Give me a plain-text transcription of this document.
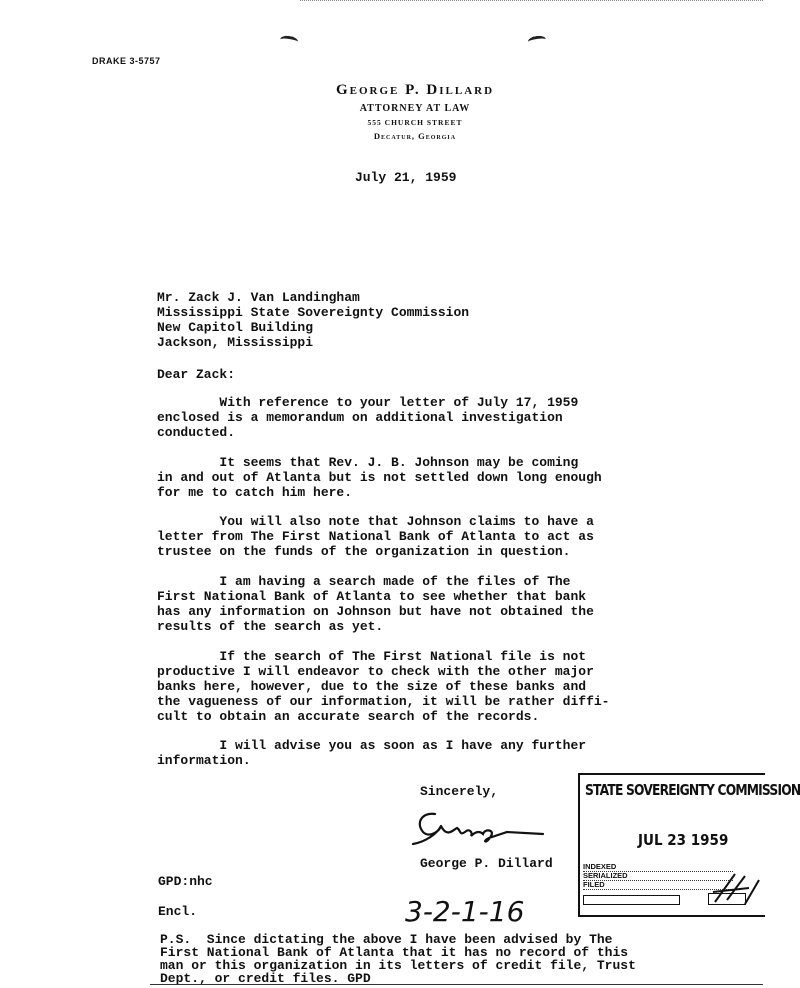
DRAKE 3-5757
George P. Dillard
ATTORNEY AT LAW
555 CHURCH STREET
Decatur, Georgia
July 21, 1959
Mr. Zack J. Van Landingham
Mississippi State Sovereignty Commission
New Capitol Building
Jackson, Mississippi
Dear Zack:
With reference to your letter of July 17, 1959
enclosed is a memorandum on additional investigation
conducted.
It seems that Rev. J. B. Johnson may be coming
in and out of Atlanta but is not settled down long enough
for me to catch him here.
You will also note that Johnson claims to have a
letter from The First National Bank of Atlanta to act as
trustee on the funds of the organization in question.
I am having a search made of the files of The
First National Bank of Atlanta to see whether that bank
has any information on Johnson but have not obtained the
results of the search as yet.
If the search of The First National file is not
productive I will endeavor to check with the other major
banks here, however, due to the size of these banks and
the vagueness of our information, it will be rather diffi-
cult to obtain an accurate search of the records.
I will advise you as soon as I have any further
information.
Sincerely,
George P. Dillard
GPD:nhc
Encl.	3-2-1-16
P.S.  Since dictating the above I have been advised by The
First National Bank of Atlanta that it has no record of this
man or this organization in its letters of credit file, Trust
Dept., or credit files. GPD
STATE SOVEREIGNTY COMMISSION
JUL 23 1959
INDEXED
SERIALIZED
FILED
